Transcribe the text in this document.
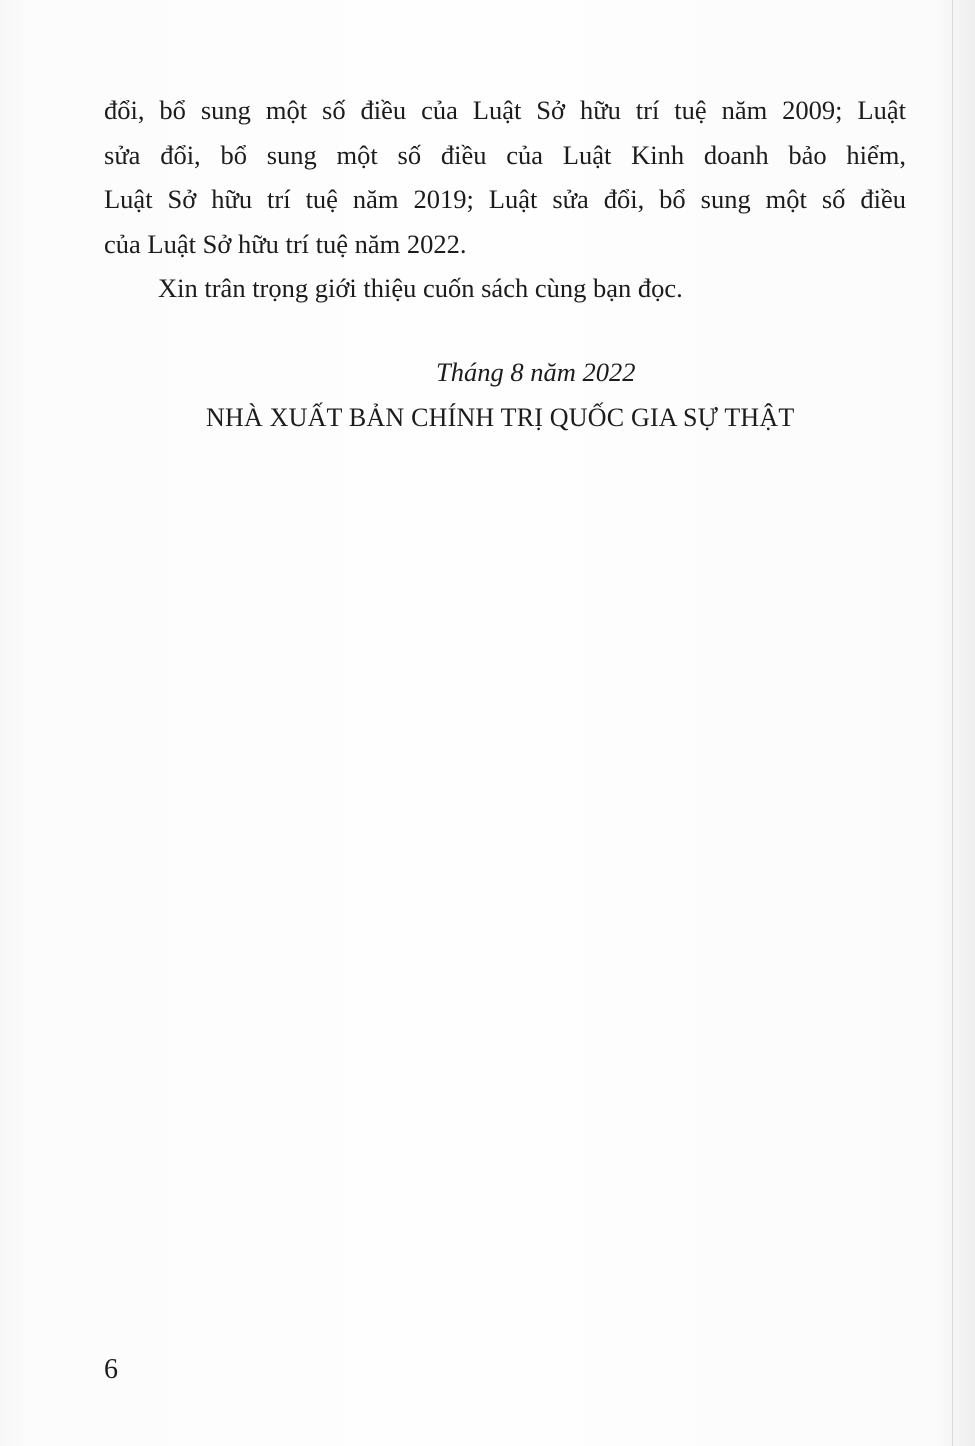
đổi, bổ sung một số điều của Luật Sở hữu trí tuệ năm 2009; Luật
sửa đổi, bổ sung một số điều của Luật Kinh doanh bảo hiểm,
Luật Sở hữu trí tuệ năm 2019; Luật sửa đổi, bổ sung một số điều
của Luật Sở hữu trí tuệ năm 2022.

Xin trân trọng giới thiệu cuốn sách cùng bạn đọc.

Tháng 8 năm 2022
NHÀ XUẤT BẢN CHÍNH TRỊ QUỐC GIA SỰ THẬT
6
